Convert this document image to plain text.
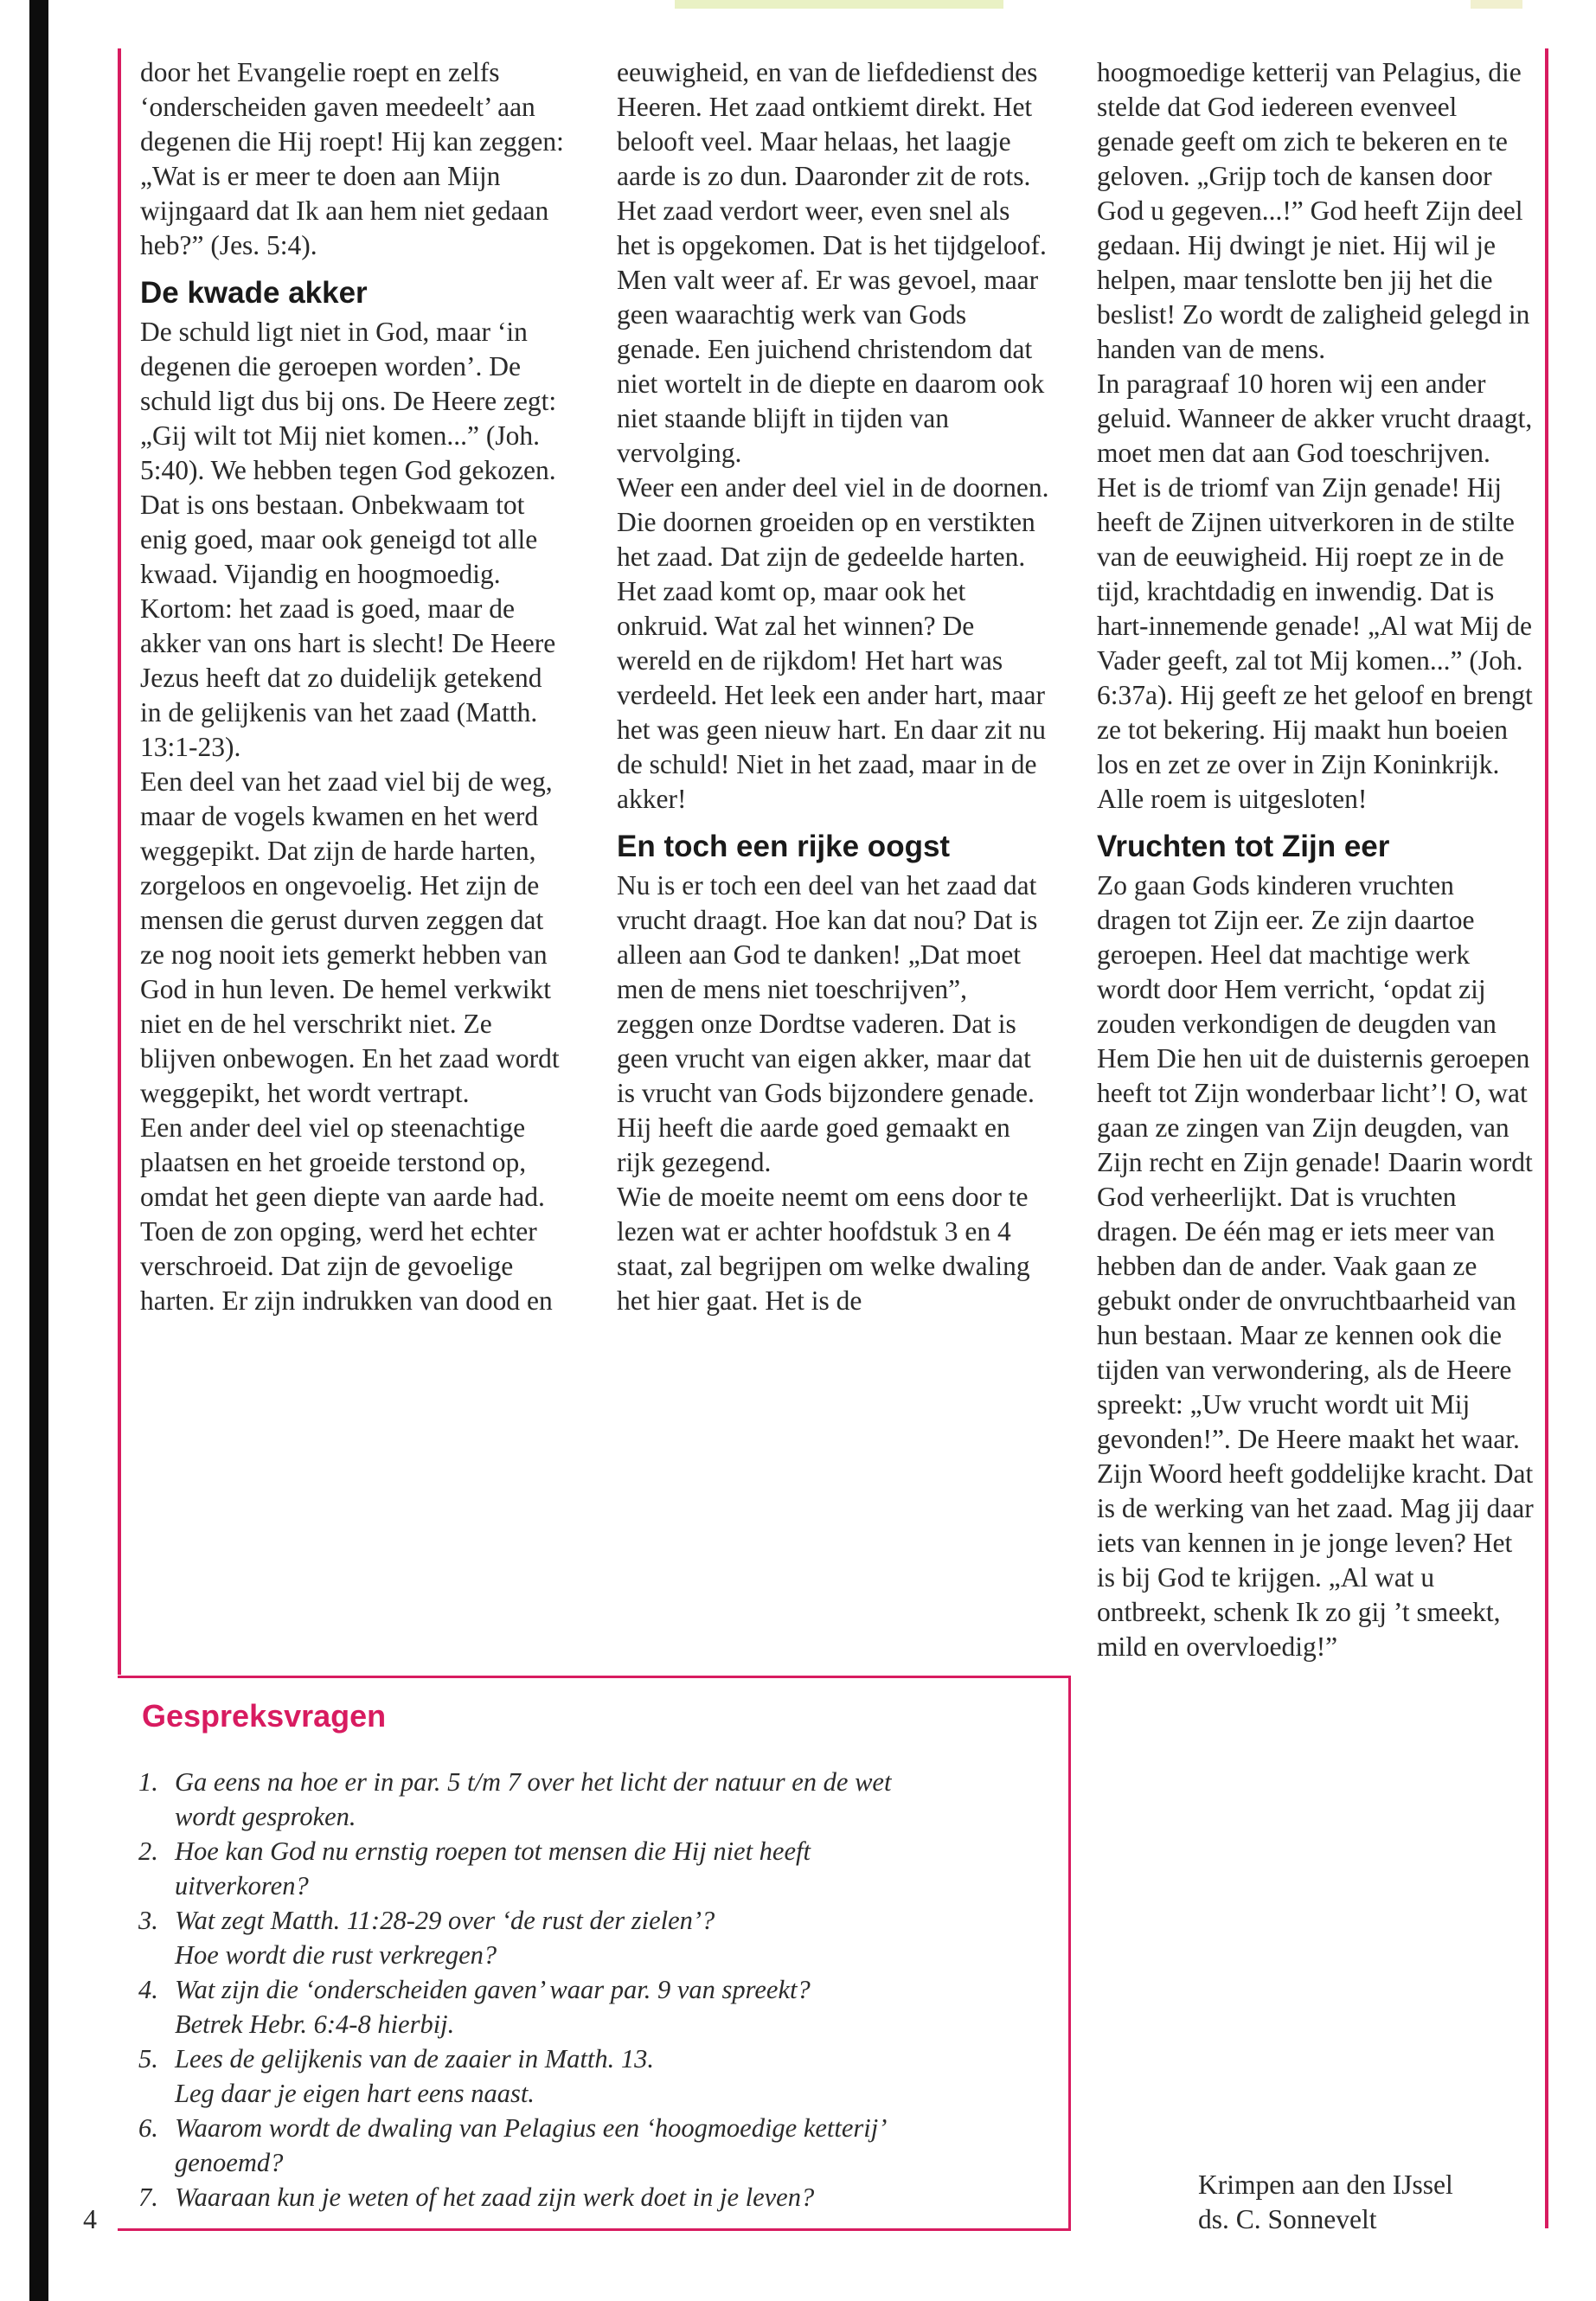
door het Evangelie roept en zelfs ‘onderscheiden gaven meedeelt’ aan degenen die Hij roept! Hij kan zeggen: „Wat is er meer te doen aan Mijn wijngaard dat Ik aan hem niet gedaan heb?” (Jes. 5:4).

De kwade akker

De schuld ligt niet in God, maar ‘in degenen die geroepen worden’. De schuld ligt dus bij ons. De Heere zegt: „Gij wilt tot Mij niet komen...” (Joh. 5:40). We hebben tegen God gekozen. Dat is ons bestaan. Onbekwaam tot enig goed, maar ook geneigd tot alle kwaad. Vijandig en hoogmoedig. Kortom: het zaad is goed, maar de akker van ons hart is slecht! De Heere Jezus heeft dat zo duidelijk getekend in de gelijkenis van het zaad (Matth. 13:1-23).

Een deel van het zaad viel bij de weg, maar de vogels kwamen en het werd weggepikt. Dat zijn de harde harten, zorgeloos en ongevoelig. Het zijn de mensen die gerust durven zeggen dat ze nog nooit iets gemerkt hebben van God in hun leven. De hemel verkwikt niet en de hel verschrikt niet. Ze blijven onbewogen. En het zaad wordt weggepikt, het wordt vertrapt.

Een ander deel viel op steenachtige plaatsen en het groeide terstond op, omdat het geen diepte van aarde had. Toen de zon opging, werd het echter verschroeid. Dat zijn de gevoelige harten. Er zijn indrukken van dood en

eeuwigheid, en van de liefdedienst des Heeren. Het zaad ontkiemt direkt. Het belooft veel. Maar helaas, het laagje aarde is zo dun. Daaronder zit de rots. Het zaad verdort weer, even snel als het is opgekomen. Dat is het tijdgeloof. Men valt weer af. Er was gevoel, maar geen waarachtig werk van Gods genade. Een juichend christendom dat niet wortelt in de diepte en daarom ook niet staande blijft in tijden van vervolging.

Weer een ander deel viel in de doornen. Die doornen groeiden op en verstikten het zaad. Dat zijn de gedeelde harten. Het zaad komt op, maar ook het onkruid. Wat zal het winnen? De wereld en de rijkdom! Het hart was verdeeld. Het leek een ander hart, maar het was geen nieuw hart. En daar zit nu de schuld! Niet in het zaad, maar in de akker!

En toch een rijke oogst

Nu is er toch een deel van het zaad dat vrucht draagt. Hoe kan dat nou? Dat is alleen aan God te danken! „Dat moet men de mens niet toeschrijven”, zeggen onze Dordtse vaderen. Dat is geen vrucht van eigen akker, maar dat is vrucht van Gods bijzondere genade. Hij heeft die aarde goed gemaakt en rijk gezegend.

Wie de moeite neemt om eens door te lezen wat er achter hoofdstuk 3 en 4 staat, zal begrijpen om welke dwaling het hier gaat. Het is de

hoogmoedige ketterij van Pelagius, die stelde dat God iedereen evenveel genade geeft om zich te bekeren en te geloven. „Grijp toch de kansen door God u gegeven...!” God heeft Zijn deel gedaan. Hij dwingt je niet. Hij wil je helpen, maar tenslotte ben jij het die beslist! Zo wordt de zaligheid gelegd in handen van de mens.

In paragraaf 10 horen wij een ander geluid. Wanneer de akker vrucht draagt, moet men dat aan God toeschrijven. Het is de triomf van Zijn genade! Hij heeft de Zijnen uitverkoren in de stilte van de eeuwigheid. Hij roept ze in de tijd, krachtdadig en inwendig. Dat is hart-innemende genade! „Al wat Mij de Vader geeft, zal tot Mij komen...” (Joh. 6:37a). Hij geeft ze het geloof en brengt ze tot bekering. Hij maakt hun boeien los en zet ze over in Zijn Koninkrijk. Alle roem is uitgesloten!

Vruchten tot Zijn eer

Zo gaan Gods kinderen vruchten dragen tot Zijn eer. Ze zijn daartoe geroepen. Heel dat machtige werk wordt door Hem verricht, ‘opdat zij zouden verkondigen de deugden van Hem Die hen uit de duisternis geroepen heeft tot Zijn wonderbaar licht’! O, wat gaan ze zingen van Zijn deugden, van Zijn recht en Zijn genade! Daarin wordt God verheerlijkt. Dat is vruchten dragen. De één mag er iets meer van hebben dan de ander. Vaak gaan ze gebukt onder de onvruchtbaarheid van hun bestaan. Maar ze kennen ook die tijden van verwondering, als de Heere spreekt: „Uw vrucht wordt uit Mij gevonden!”. De Heere maakt het waar. Zijn Woord heeft goddelijke kracht. Dat is de werking van het zaad. Mag jij daar iets van kennen in je jonge leven? Het is bij God te krijgen. „Al wat u ontbreekt, schenk Ik zo gij ’t smeekt, mild en overvloedig!”

Krimpen aan den IJssel
ds. C. Sonnevelt
Gespreksvragen
1. Ga eens na hoe er in par. 5 t/m 7 over het licht der natuur en de wet
wordt gesproken.
2. Hoe kan God nu ernstig roepen tot mensen die Hij niet heeft
uitverkoren?
3. Wat zegt Matth. 11:28-29 over ‘de rust der zielen’?
Hoe wordt die rust verkregen?
4. Wat zijn die ‘onderscheiden gaven’ waar par. 9 van spreekt?
Betrek Hebr. 6:4-8 hierbij.
5. Lees de gelijkenis van de zaaier in Matth. 13.
Leg daar je eigen hart eens naast.
6. Waarom wordt de dwaling van Pelagius een ‘hoogmoedige ketterij’
genoemd?
7. Waaraan kun je weten of het zaad zijn werk doet in je leven?
4
